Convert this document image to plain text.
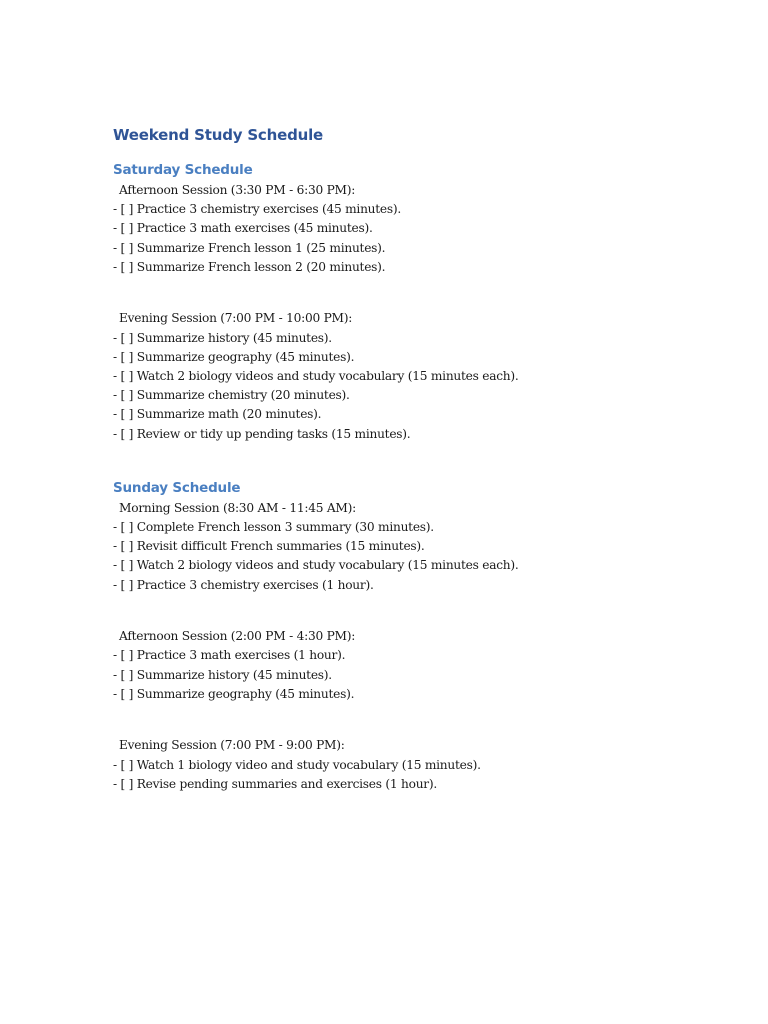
Weekend Study Schedule
Saturday Schedule
Afternoon Session (3:30 PM - 6:30 PM):
- [ ] Practice 3 chemistry exercises (45 minutes).
- [ ] Practice 3 math exercises (45 minutes).
- [ ] Summarize French lesson 1 (25 minutes).
- [ ] Summarize French lesson 2 (20 minutes).
Evening Session (7:00 PM - 10:00 PM):
- [ ] Summarize history (45 minutes).
- [ ] Summarize geography (45 minutes).
- [ ] Watch 2 biology videos and study vocabulary (15 minutes each).
- [ ] Summarize chemistry (20 minutes).
- [ ] Summarize math (20 minutes).
- [ ] Review or tidy up pending tasks (15 minutes).
Sunday Schedule
Morning Session (8:30 AM - 11:45 AM):
- [ ] Complete French lesson 3 summary (30 minutes).
- [ ] Revisit difficult French summaries (15 minutes).
- [ ] Watch 2 biology videos and study vocabulary (15 minutes each).
- [ ] Practice 3 chemistry exercises (1 hour).
Afternoon Session (2:00 PM - 4:30 PM):
- [ ] Practice 3 math exercises (1 hour).
- [ ] Summarize history (45 minutes).
- [ ] Summarize geography (45 minutes).
Evening Session (7:00 PM - 9:00 PM):
- [ ] Watch 1 biology video and study vocabulary (15 minutes).
- [ ] Revise pending summaries and exercises (1 hour).
